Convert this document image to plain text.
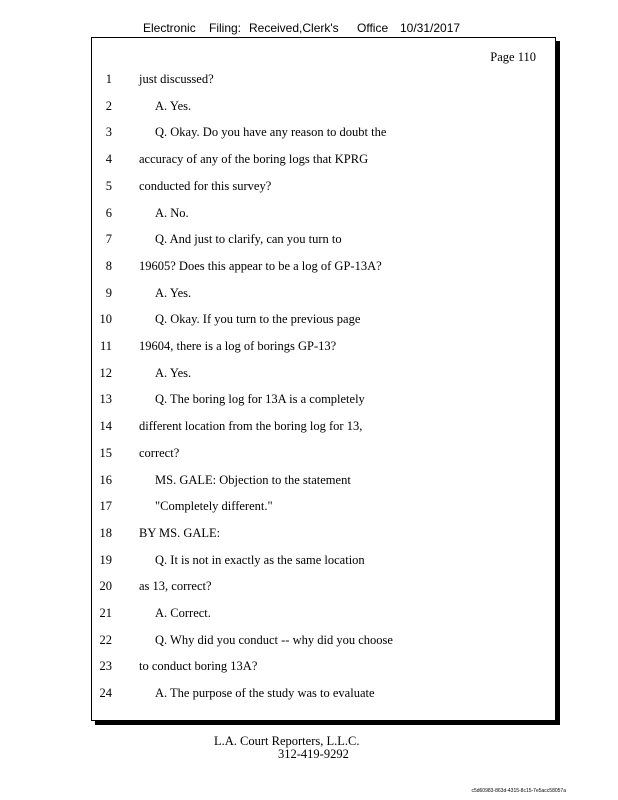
Electronic Filing: Received,Clerk's Office 10/31/2017
Page 110
1 just discussed?
2	A. Yes.
3	Q. Okay. Do you have any reason to doubt the
4 accuracy of any of the boring logs that KPRG
5 conducted for this survey?
6	A. No.
7	Q. And just to clarify, can you turn to
8 19605? Does this appear to be a log of GP-13A?
9	A. Yes.
10	Q. Okay. If you turn to the previous page
11 19604, there is a log of borings GP-13?
12	A. Yes.
13	Q. The boring log for 13A is a completely
14 different location from the boring log for 13,
15 correct?
16	MS. GALE: Objection to the statement
17	"Completely different."
18 BY MS. GALE:
19	Q. It is not in exactly as the same location
20 as 13, correct?
21	A. Correct.
22	Q. Why did you conduct -- why did you choose
23 to conduct boring 13A?
24	A. The purpose of the study was to evaluate
L.A. Court Reporters, L.L.C.
312-419-9292
c5d60983-863d-4315-8c15-7e5acc58057a
